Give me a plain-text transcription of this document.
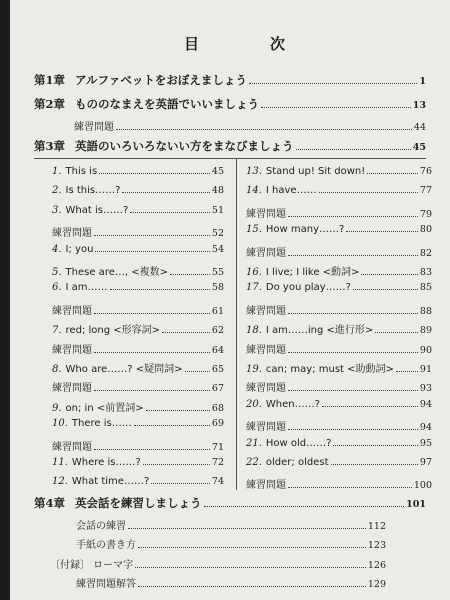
目　次
第1章 アルファベットをおぼえましょう	1
第2章 もののなまえを英語でいいましょう	13
練習問題	44
第3章 英語のいろいろないい方をまなびましょう	45
1. This is	45
2. Is this……?	48
3. What is……?	51
練習問題	52
4. I; you	54
5. These are…, <複数>	55
6. I am……	58
練習問題	61
7. red; long <形容詞>	62
練習問題	64
8. Who are……? <疑問詞>	65
練習問題	67
9. on; in <前置詞>	68
10. There is……	69
練習問題	71
11. Where is……?	72
12. What time……?	74
13. Stand up! Sit down!	76
14. I have……	77
練習問題	79
15. How many……?	80
練習問題	82
16. I live; I like <動詞>	83
17. Do you play……?	85
練習問題	88
18. I am……ing <進行形>	89
練習問題	90
19. can; may; must <助動詞>	91
練習問題	93
20. When……?	94
練習問題	94
21. How old……?	95
22. older; oldest	97
練習問題	100
第4章 英会話を練習しましょう	101
会話の練習	112
手紙の書き方	123
〔付録〕 ローマ字	126
練習問題解答	129
